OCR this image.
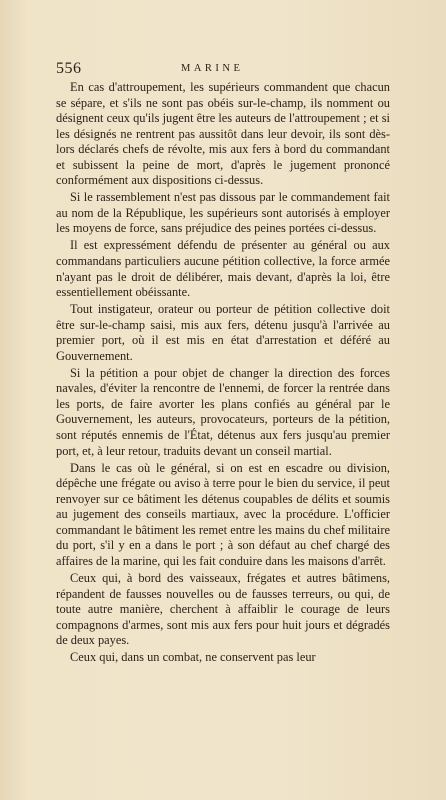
556	MARINE

En cas d'attroupement, les supérieurs commandent que chacun se sépare, et s'ils ne sont pas obéis sur-le-champ, ils nomment ou désignent ceux qu'ils jugent être les auteurs de l'attroupement ; et si les désignés ne rentrent pas aussitôt dans leur devoir, ils sont dès-lors déclarés chefs de révolte, mis aux fers à bord du commandant et subissent la peine de mort, d'après le jugement prononcé conformément aux dispositions ci-dessus.

Si le rassemblement n'est pas dissous par le commandement fait au nom de la République, les supérieurs sont autorisés à employer les moyens de force, sans préjudice des peines portées ci-dessus.

Il est expressément défendu de présenter au général ou aux commandans particuliers aucune pétition collective, la force armée n'ayant pas le droit de délibérer, mais devant, d'après la loi, être essentiellement obéissante.

Tout instigateur, orateur ou porteur de pétition collective doit être sur-le-champ saisi, mis aux fers, détenu jusqu'à l'arrivée au premier port, où il est mis en état d'arrestation et déféré au Gouvernement.

Si la pétition a pour objet de changer la direction des forces navales, d'éviter la rencontre de l'ennemi, de forcer la rentrée dans les ports, de faire avorter les plans confiés au général par le Gouvernement, les auteurs, provocateurs, porteurs de la pétition, sont réputés ennemis de l'État, détenus aux fers jusqu'au premier port, et, à leur retour, traduits devant un conseil martial.

Dans le cas où le général, si on est en escadre ou division, dépêche une frégate ou aviso à terre pour le bien du service, il peut renvoyer sur ce bâtiment les détenus coupables de délits et soumis au jugement des conseils martiaux, avec la procédure. L'officier commandant le bâtiment les remet entre les mains du chef militaire du port, s'il y en a dans le port ; à son défaut au chef chargé des affaires de la marine, qui les fait conduire dans les maisons d'arrêt.

Ceux qui, à bord des vaisseaux, frégates et autres bâtimens, répandent de fausses nouvelles ou de fausses terreurs, ou qui, de toute autre manière, cherchent à affaiblir le courage de leurs compagnons d'armes, sont mis aux fers pour huit jours et dégradés de deux payes.

Ceux qui, dans un combat, ne conservent pas leur
